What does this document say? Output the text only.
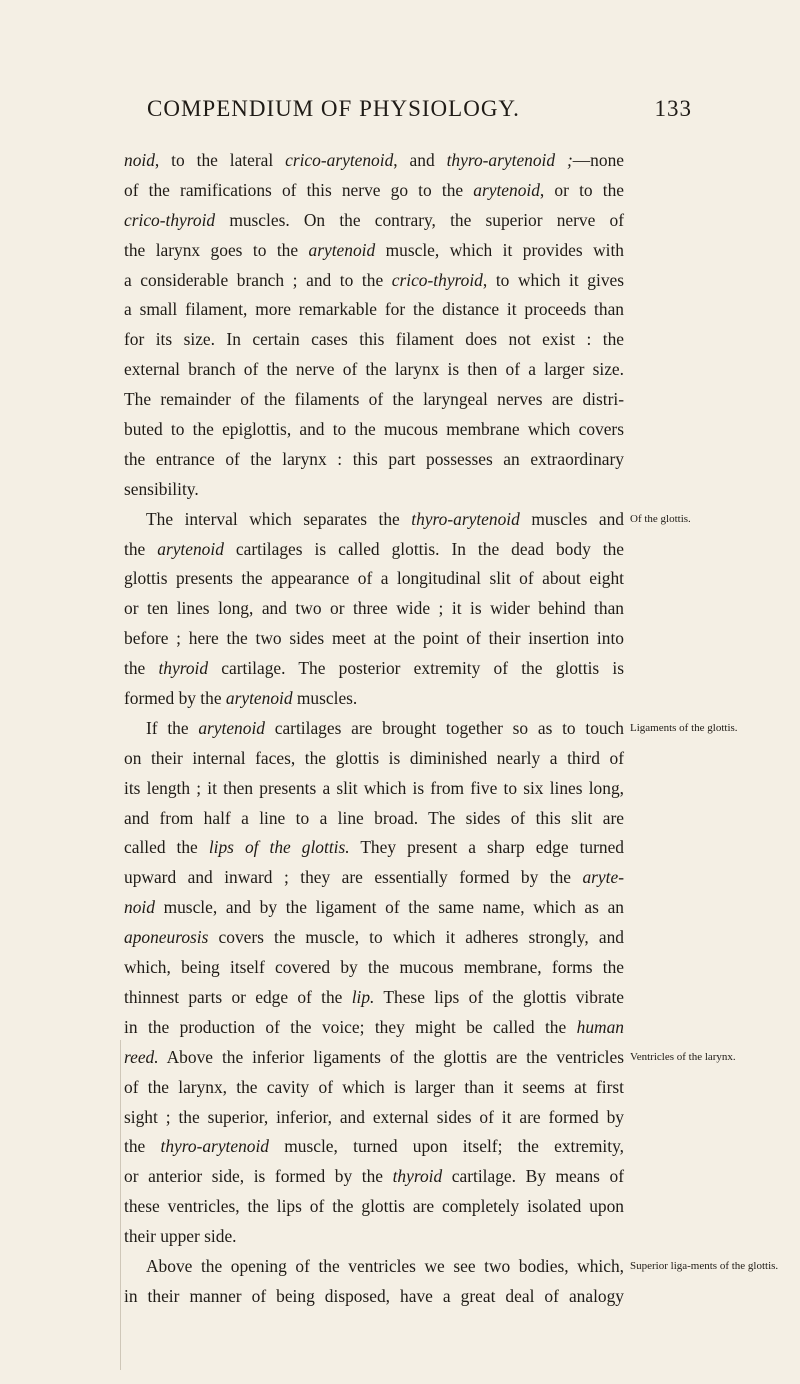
COMPENDIUM OF PHYSIOLOGY.	133
noid, to the lateral crico-arytenoid, and thyro-arytenoid ;—none
of the ramifications of this nerve go to the arytenoid, or to the
crico-thyroid muscles. On the contrary, the superior nerve of
the larynx goes to the arytenoid muscle, which it provides with
a considerable branch ; and to the crico-thyroid, to which it gives
a small filament, more remarkable for the distance it proceeds than
for its size. In certain cases this filament does not exist : the
external branch of the nerve of the larynx is then of a larger size.
The remainder of the filaments of the laryngeal nerves are distri-
buted to the epiglottis, and to the mucous membrane which covers
the entrance of the larynx : this part possesses an extraordinary
sensibility.
The interval which separates the thyro-arytenoid muscles and
the arytenoid cartilages is called glottis. In the dead body the
glottis presents the appearance of a longitudinal slit of about eight
or ten lines long, and two or three wide ; it is wider behind than
before ; here the two sides meet at the point of their insertion into
the thyroid cartilage. The posterior extremity of the glottis is
formed by the arytenoid muscles.
If the arytenoid cartilages are brought together so as to touch
on their internal faces, the glottis is diminished nearly a third of
its length ; it then presents a slit which is from five to six lines long,
and from half a line to a line broad. The sides of this slit are
called the lips of the glottis. They present a sharp edge turned
upward and inward ; they are essentially formed by the aryte-
noid muscle, and by the ligament of the same name, which as an
aponeurosis covers the muscle, to which it adheres strongly, and
which, being itself covered by the mucous membrane, forms the
thinnest parts or edge of the lip. These lips of the glottis vibrate
in the production of the voice; they might be called the human
reed. Above the inferior ligaments of the glottis are the ventricles
of the larynx, the cavity of which is larger than it seems at first
sight ; the superior, inferior, and external sides of it are formed by
the thyro-arytenoid muscle, turned upon itself; the extremity,
or anterior side, is formed by the thyroid cartilage. By means of
these ventricles, the lips of the glottis are completely isolated upon
their upper side.
Above the opening of the ventricles we see two bodies, which,
in their manner of being disposed, have a great deal of analogy
Of the glottis.
Ligaments of the glottis.
Ventricles of the larynx.
Superior liga-ments of the glottis.
